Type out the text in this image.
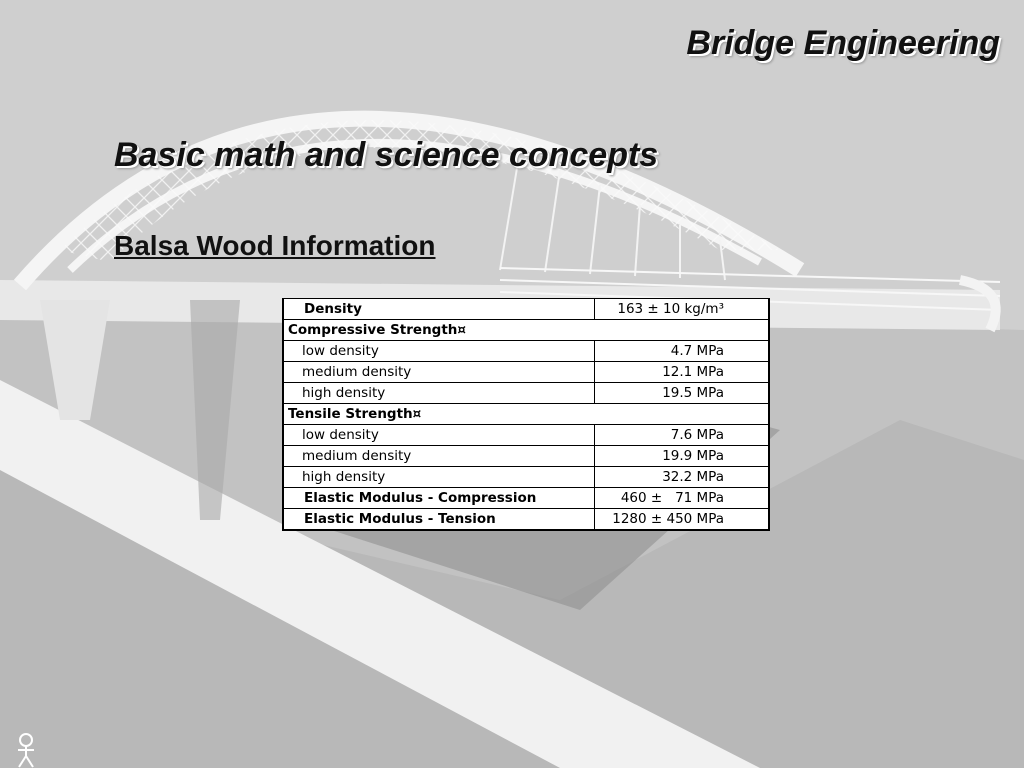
Bridge Engineering
Basic math and science concepts
Balsa Wood Information
Density	163 ± 10 kg/m³
Compressive Strength¤	
low density	4.7 MPa
medium density	12.1 MPa
high density	19.5 MPa
Tensile Strength¤	
low density	7.6 MPa
medium density	19.9 MPa
high density	32.2 MPa
Elastic Modulus - Compression	460 ±   71 MPa
Elastic Modulus - Tension	1280 ± 450 MPa
